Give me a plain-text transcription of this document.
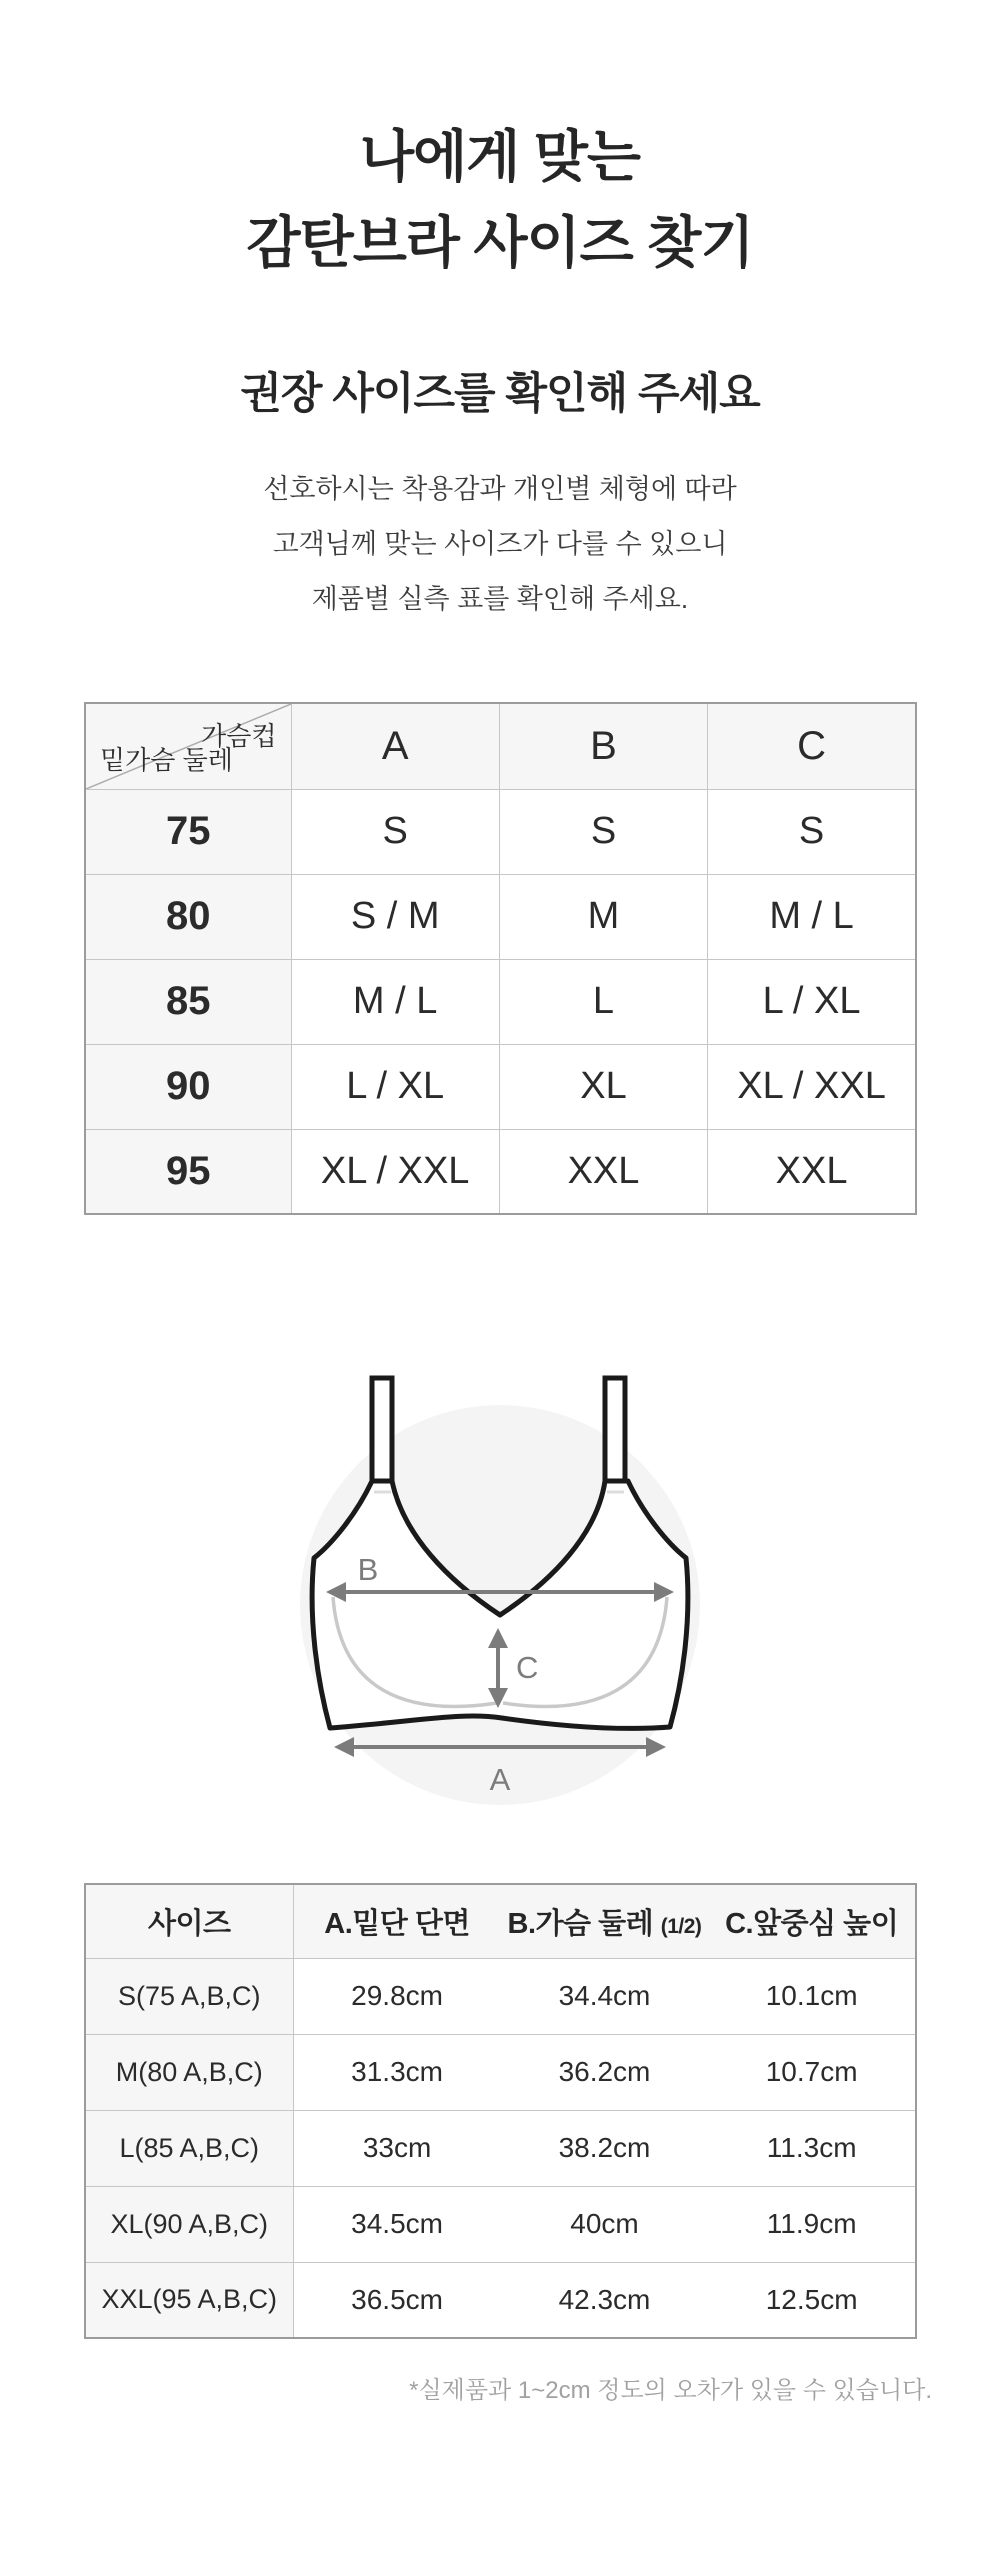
나에게 맞는
감탄브라 사이즈 찾기
권장 사이즈를 확인해 주세요
선호하시는 착용감과 개인별 체형에 따라
고객님께 맞는 사이즈가 다를 수 있으니
제품별 실측 표를 확인해 주세요.
가슴컵
밑가슴 둘레	A	B	C
75	S	S	S
80	S / M	M	M / L
85	M / L	L	L / XL
90	L / XL	XL	XL / XXL
95	XL / XXL	XXL	XXL
B
C
A
사이즈	A.밑단 단면	B.가슴 둘레 (1/2)	C.앞중심 높이
S(75 A,B,C)	29.8cm	34.4cm	10.1cm
M(80 A,B,C)	31.3cm	36.2cm	10.7cm
L(85 A,B,C)	33cm	38.2cm	11.3cm
XL(90 A,B,C)	34.5cm	40cm	11.9cm
XXL(95 A,B,C)	36.5cm	42.3cm	12.5cm
*실제품과 1~2cm 정도의 오차가 있을 수 있습니다.
